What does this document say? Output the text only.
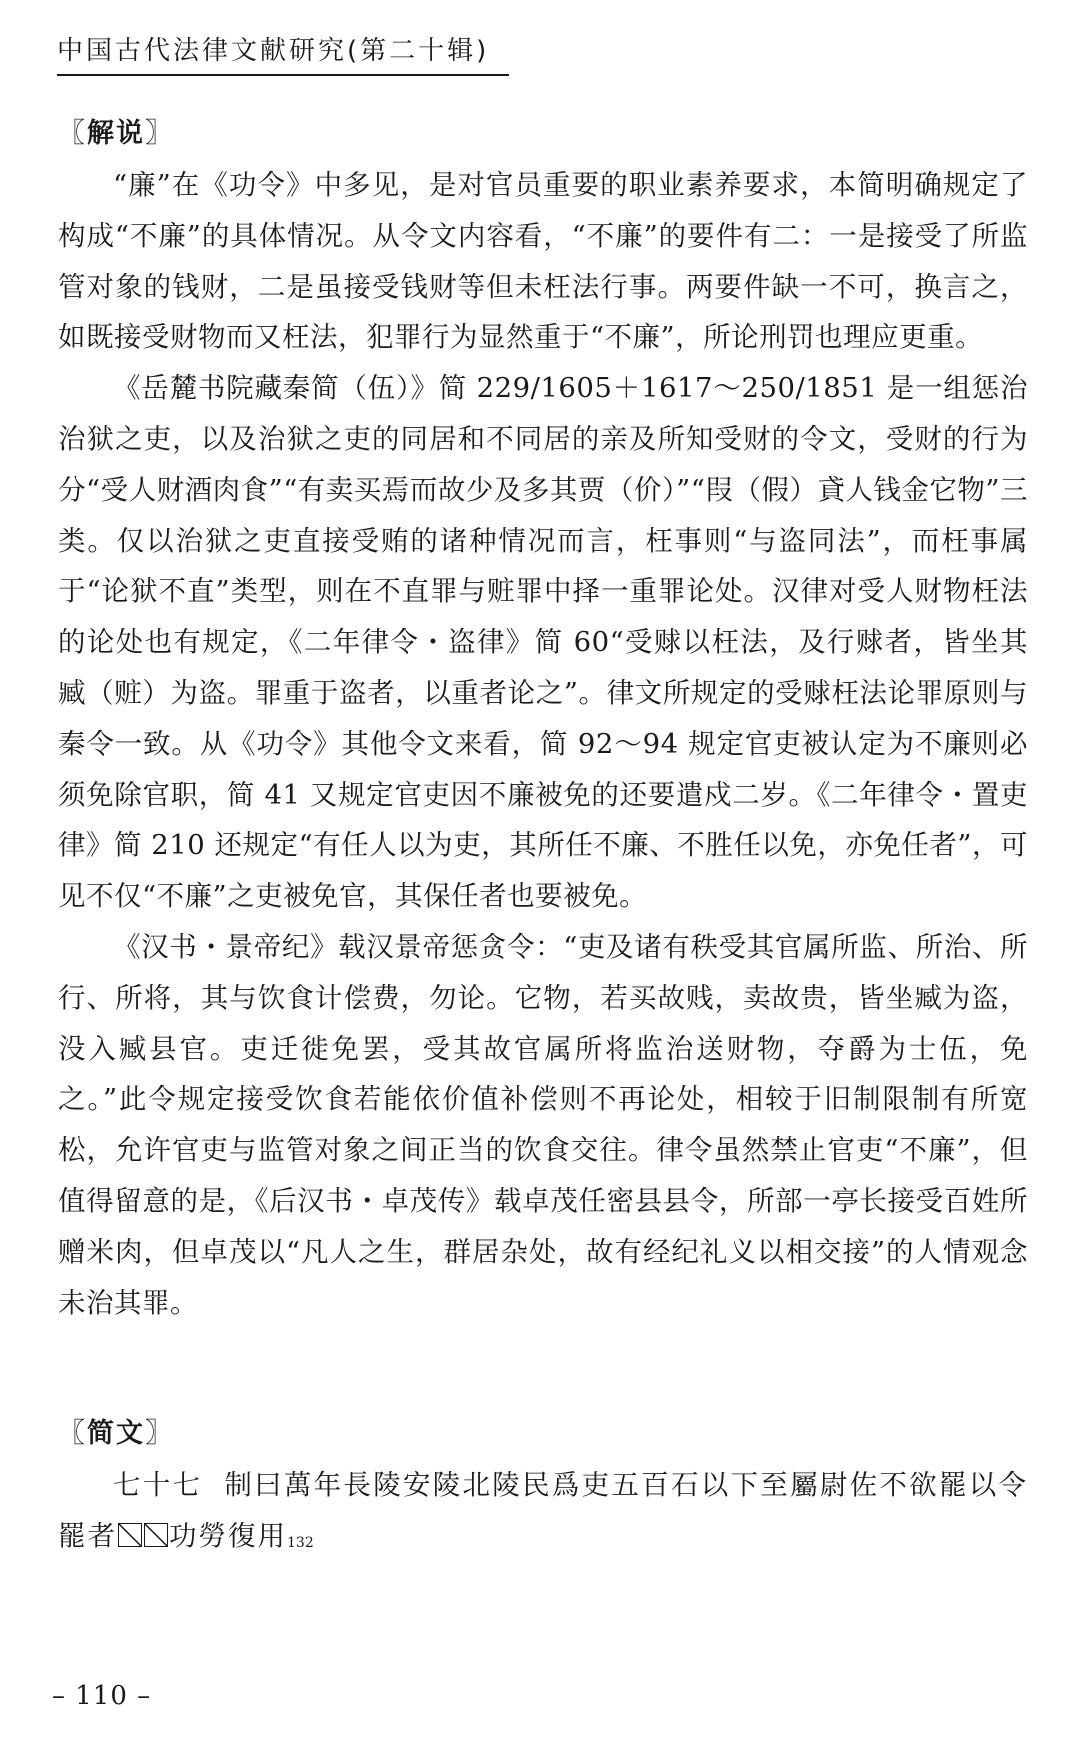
中国古代法律文献研究(第二十辑)
〖解说〗

“廉”在《功令》中多见，是对官员重要的职业素养要求，本简明确规定了构成“不廉”的具体情况。从令文内容看，“不廉”的要件有二：一是接受了所监管对象的钱财，二是虽接受钱财等但未枉法行事。两要件缺一不可，换言之，如既接受财物而又枉法，犯罪行为显然重于“不廉”，所论刑罚也理应更重。

《岳麓书院藏秦简（伍）》简 229/1605＋1617～250/1851 是一组惩治治狱之吏，以及治狱之吏的同居和不同居的亲及所知受财的令文，受财的行为分“受人财酒肉食”“有卖买焉而故少及多其贾（价）”“叚（假）貣人钱金它物”三类。仅以治狱之吏直接受贿的诸种情况而言，枉事则“与盗同法”，而枉事属于“论狱不直”类型，则在不直罪与赃罪中择一重罪论处。汉律对受人财物枉法的论处也有规定，《二年律令・盗律》简 60“受赇以枉法，及行赇者，皆坐其臧（赃）为盗。罪重于盗者，以重者论之”。律文所规定的受赇枉法论罪原则与秦令一致。从《功令》其他令文来看，简 92～94 规定官吏被认定为不廉则必须免除官职，简 41 又规定官吏因不廉被免的还要遣戍二岁。《二年律令・置吏律》简 210 还规定“有任人以为吏，其所任不廉、不胜任以免，亦免任者”，可见不仅“不廉”之吏被免官，其保任者也要被免。

《汉书・景帝纪》载汉景帝惩贪令：“吏及诸有秩受其官属所监、所治、所行、所将，其与饮食计偿费，勿论。它物，若买故贱，卖故贵，皆坐臧为盗，没入臧县官。吏迁徙免罢，受其故官属所将监治送财物，夺爵为士伍，免之。”此令规定接受饮食若能依价值补偿则不再论处，相较于旧制限制有所宽松，允许官吏与监管对象之间正当的饮食交往。律令虽然禁止官吏“不廉”，但值得留意的是，《后汉书・卓茂传》载卓茂任密县县令，所部一亭长接受百姓所赠米肉，但卓茂以“凡人之生，群居杂处，故有经纪礼义以相交接”的人情观念未治其罪。

〖简文〗

七十七 制曰萬年長陵安陵北陵民爲吏五百石以下至屬尉佐不欲罷以令罷者 功勞復用132

– 110 –
